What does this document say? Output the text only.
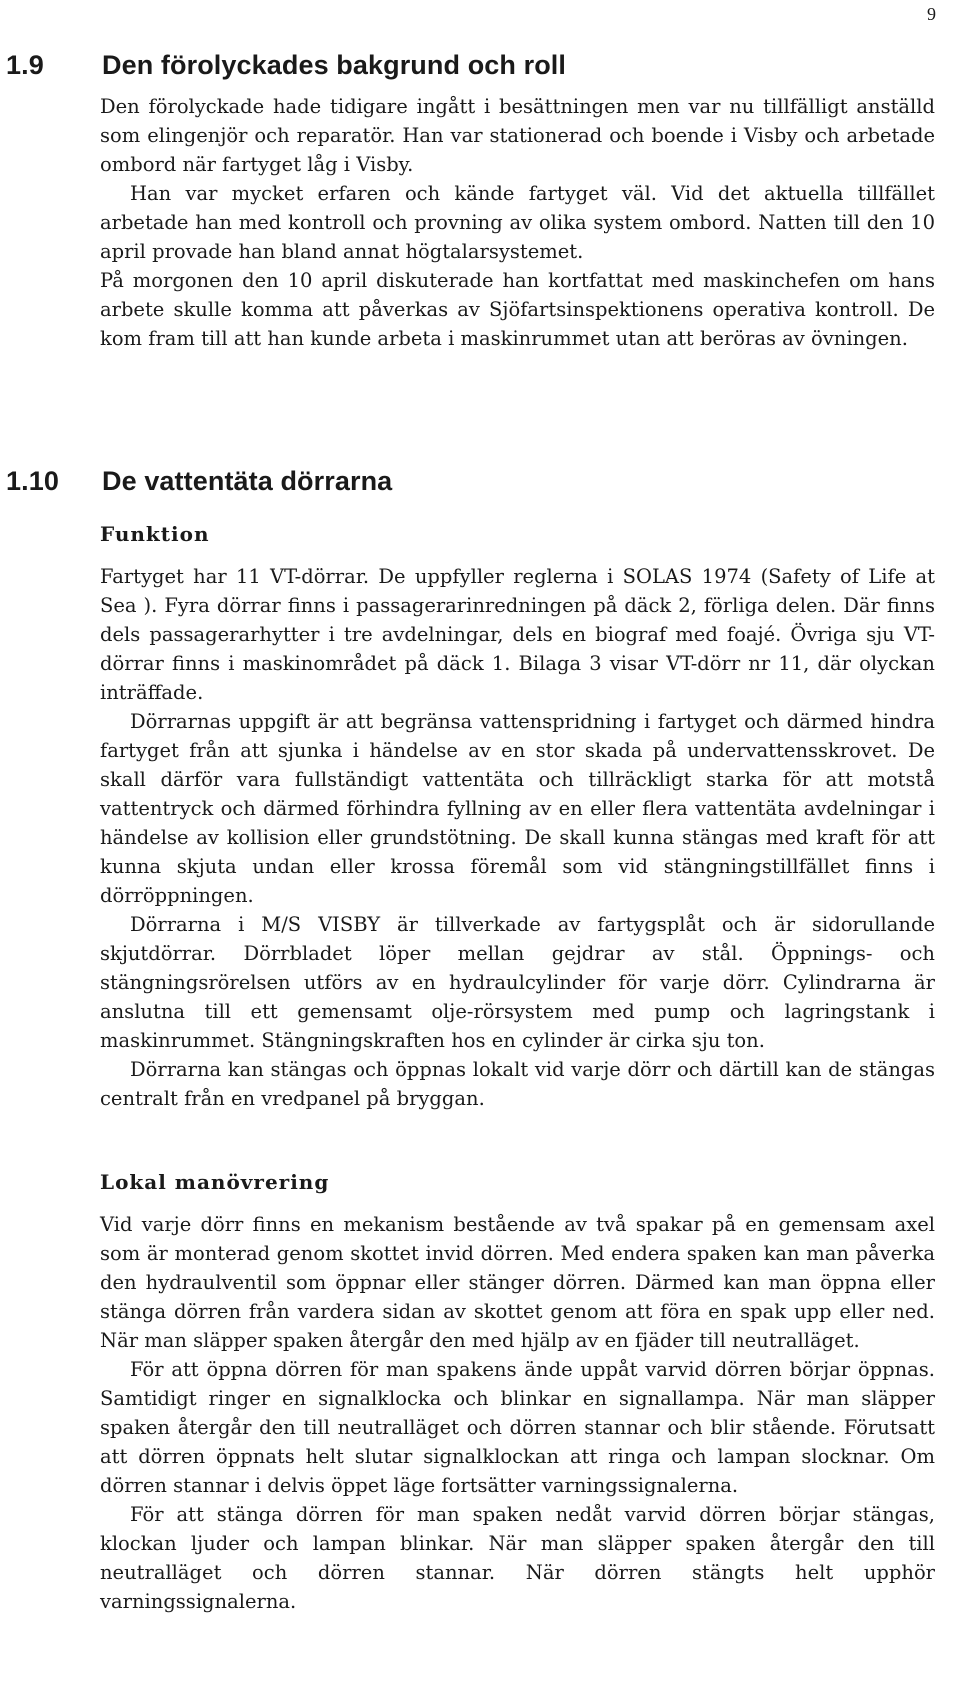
9
1.9 Den förolyckades bakgrund och roll

Den förolyckade hade tidigare ingått i besättningen men var nu tillfälligt anställd som elingenjör och reparatör. Han var stationerad och boende i Visby och arbetade ombord när fartyget låg i Visby.

Han var mycket erfaren och kände fartyget väl. Vid det aktuella tillfället arbetade han med kontroll och provning av olika system ombord. Natten till den 10 april provade han bland annat högtalarsystemet.

På morgonen den 10 april diskuterade han kortfattat med maskinchefen om hans arbete skulle komma att påverkas av Sjöfartsinspektionens operativa kontroll. De kom fram till att han kunde arbeta i maskinrummet utan att beröras av övningen.

1.10 De vattentäta dörrarna
Funktion

Fartyget har 11 VT-dörrar. De uppfyller reglerna i SOLAS 1974 (Safety of Life at Sea ). Fyra dörrar finns i passagerarinredningen på däck 2, förliga delen. Där finns dels passagerarhytter i tre avdelningar, dels en biograf med foajé. Övriga sju VT-dörrar finns i maskinområdet på däck 1. Bilaga 3 visar VT-dörr nr 11, där olyckan inträffade.

Dörrarnas uppgift är att begränsa vattenspridning i fartyget och därmed hindra fartyget från att sjunka i händelse av en stor skada på undervattensskrovet. De skall därför vara fullständigt vattentäta och tillräckligt starka för att motstå vattentryck och därmed förhindra fyllning av en eller flera vattentäta avdelningar i händelse av kollision eller grundstötning. De skall kunna stängas med kraft för att kunna skjuta undan eller krossa föremål som vid stängningstillfället finns i dörröppningen.

Dörrarna i M/S VISBY är tillverkade av fartygsplåt och är sidorullande skjutdörrar. Dörrbladet löper mellan gejdrar av stål. Öppnings- och stängningsrörelsen utförs av en hydraulcylinder för varje dörr. Cylindrarna är anslutna till ett gemensamt olje-rörsystem med pump och lagringstank i maskinrummet. Stängningskraften hos en cylinder är cirka sju ton.

Dörrarna kan stängas och öppnas lokalt vid varje dörr och därtill kan de stängas centralt från en vredpanel på bryggan.

Lokal manövrering

Vid varje dörr finns en mekanism bestående av två spakar på en gemensam axel som är monterad genom skottet invid dörren. Med endera spaken kan man påverka den hydraulventil som öppnar eller stänger dörren. Därmed kan man öppna eller stänga dörren från vardera sidan av skottet genom att föra en spak upp eller ned. När man släpper spaken återgår den med hjälp av en fjäder till neutralläget.

För att öppna dörren för man spakens ände uppåt varvid dörren börjar öppnas. Samtidigt ringer en signalklocka och blinkar en signallampa. När man släpper spaken återgår den till neutralläget och dörren stannar och blir stående. Förutsatt att dörren öppnats helt slutar signalklockan att ringa och lampan slocknar. Om dörren stannar i delvis öppet läge fortsätter varningssignalerna.

För att stänga dörren för man spaken nedåt varvid dörren börjar stängas, klockan ljuder och lampan blinkar. När man släpper spaken återgår den till neutralläget och dörren stannar. När dörren stängts helt upphör varningssignalerna.
